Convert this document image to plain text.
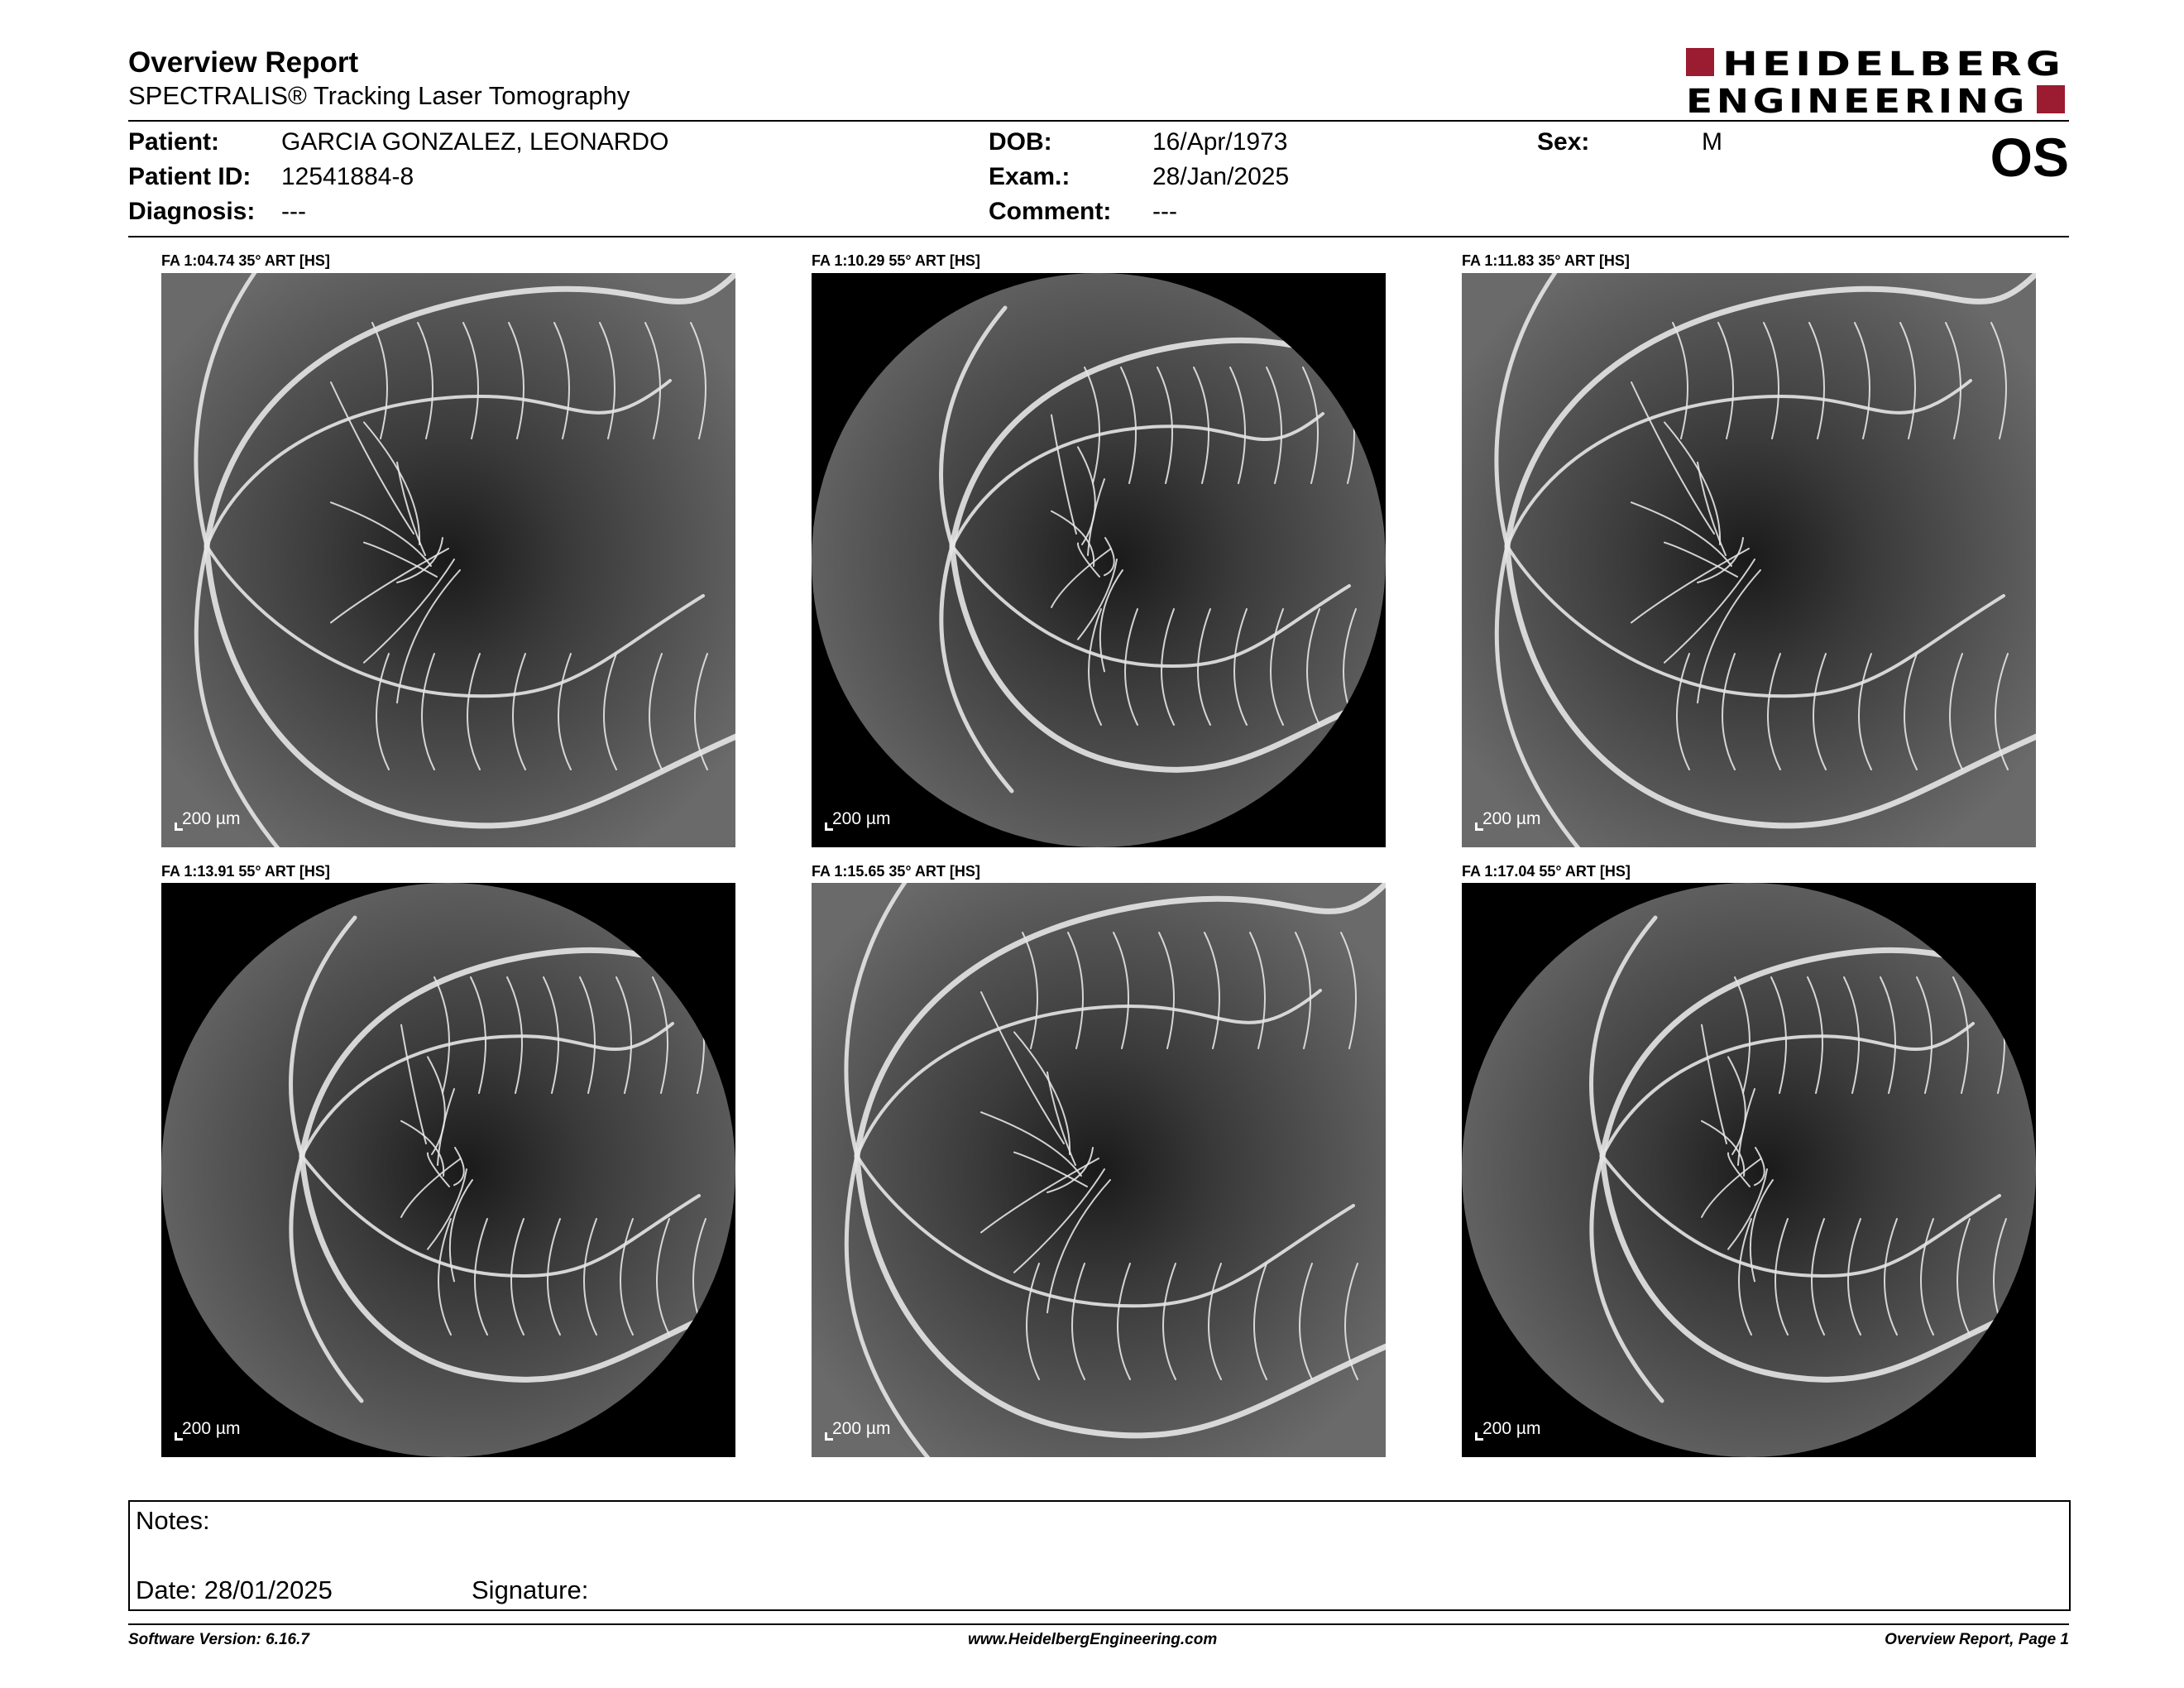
Overview Report
SPECTRALIS® Tracking Laser Tomography
HEIDELBERG
ENGINEERING
Patient: GARCIA GONZALEZ, LEONARDO
Patient ID: 12541884-8
Diagnosis: ---
DOB:	16/Apr/1973
Exam.:	28/Jan/2025
Comment: ---
Sex:	M	OS
FA 1:04.74 35° ART [HS]
200 µm
FA 1:10.29 55° ART [HS]
200 µm
FA 1:11.83 35° ART [HS]
200 µm
FA 1:13.91 55° ART [HS]
200 µm
FA 1:15.65 35° ART [HS]
200 µm
FA 1:17.04 55° ART [HS]
200 µm
Notes:
Date: 28/01/2025	Signature:
Software Version: 6.16.7	www.HeidelbergEngineering.com	Overview Report, Page 1
